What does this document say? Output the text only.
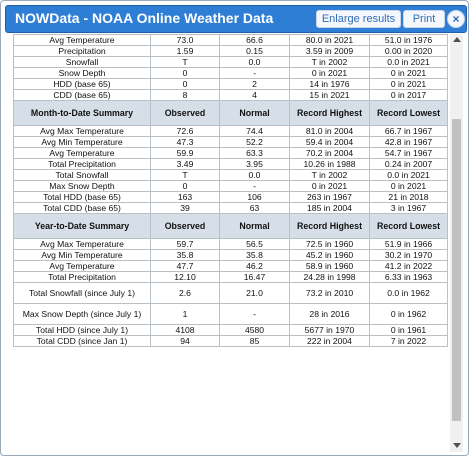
NOWData - NOAA Online Weather Data	Enlarge results	Print	×
Avg Temperature	73.0	66.6	80.0 in 2021	51.0 in 1976
Precipitation	1.59	0.15	3.59 in 2009	0.00 in 2020
Snowfall	T	0.0	T in 2002	0.0 in 2021
Snow Depth	0	-	0 in 2021	0 in 2021
HDD (base 65)	0	2	14 in 1976	0 in 2021
CDD (base 65)	8	4	15 in 2021	0 in 2017
Month-to-Date Summary	Observed	Normal	Record Highest	Record Lowest
Avg Max Temperature	72.6	74.4	81.0 in 2004	66.7 in 1967
Avg Min Temperature	47.3	52.2	59.4 in 2004	42.8 in 1967
Avg Temperature	59.9	63.3	70.2 in 2004	54.7 in 1967
Total Precipitation	3.49	3.95	10.26 in 1988	0.24 in 2007
Total Snowfall	T	0.0	T in 2002	0.0 in 2021
Max Snow Depth	0	-	0 in 2021	0 in 2021
Total HDD (base 65)	163	106	263 in 1967	21 in 2018
Total CDD (base 65)	39	63	185 in 2004	3 in 1967
Year-to-Date Summary	Observed	Normal	Record Highest	Record Lowest
Avg Max Temperature	59.7	56.5	72.5 in 1960	51.9 in 1966
Avg Min Temperature	35.8	35.8	45.2 in 1960	30.2 in 1970
Avg Temperature	47.7	46.2	58.9 in 1960	41.2 in 2022
Total Precipitation	12.10	16.47	24.28 in 1998	6.33 in 1963
Total Snowfall (since July 1)	2.6	21.0	73.2 in 2010	0.0 in 1962
Max Snow Depth (since July 1)	1	-	28 in 2016	0 in 1962
Total HDD (since July 1)	4108	4580	5677 in 1970	0 in 1961
Total CDD (since Jan 1)	94	85	222 in 2004	7 in 2022
